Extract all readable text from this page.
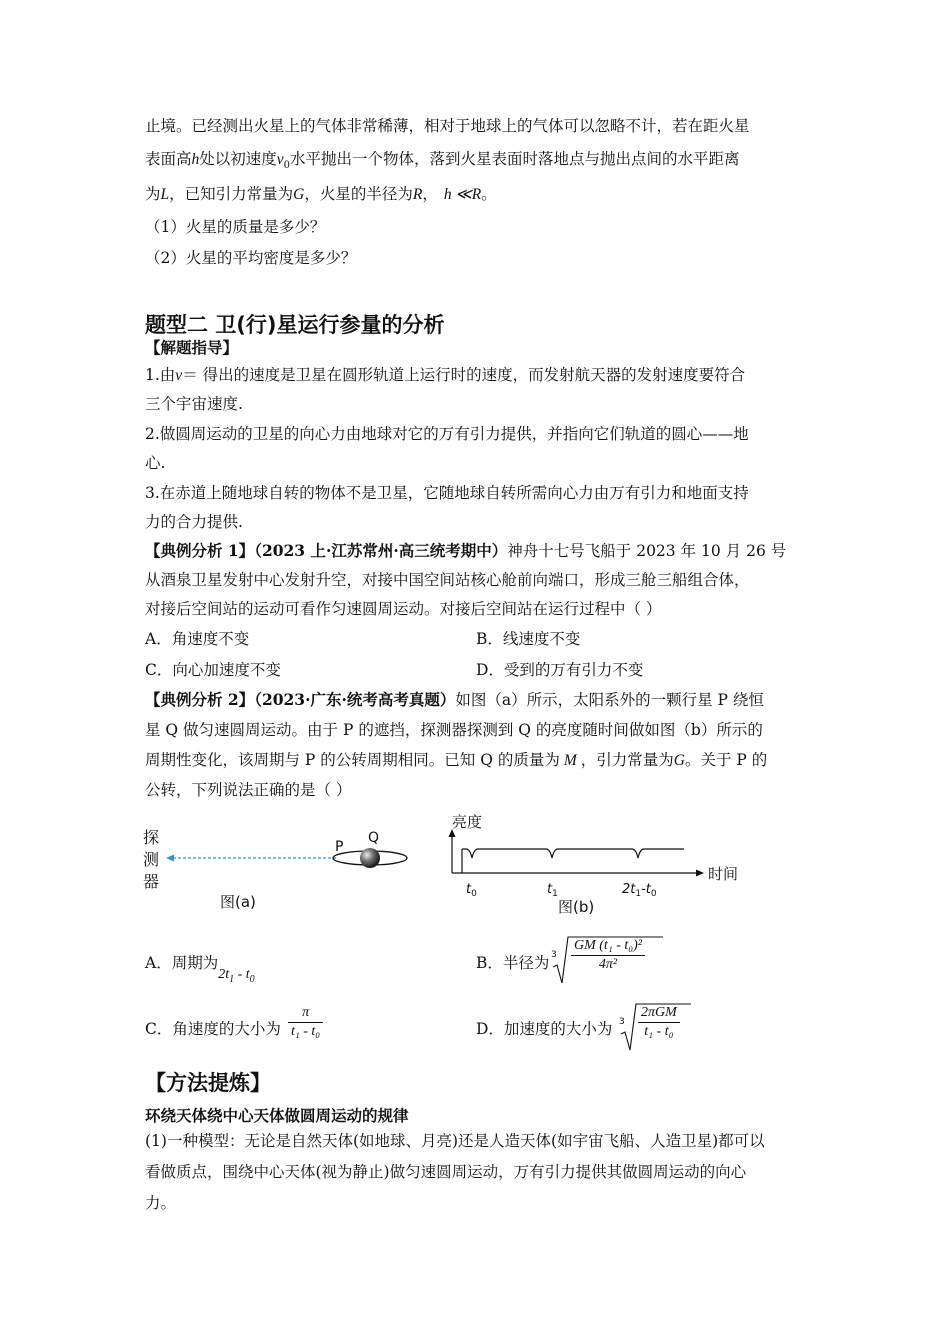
止境。已经测出火星上的气体非常稀薄，相对于地球上的气体可以忽略不计，若在距火星
表面高h处以初速度$v_0$水平抛出一个物体，落到火星表面时落地点与抛出点间的水平距离
为L，已知引力常量为G，火星的半径为R， h ≪R。
（1）火星的质量是多少？
（2）火星的平均密度是多少？
题型二 卫(行)星运行参量的分析
【解题指导】
1.由v＝ 得出的速度是卫星在圆形轨道上运行时的速度，而发射航天器的发射速度要符合
三个宇宙速度.
2.做圆周运动的卫星的向心力由地球对它的万有引力提供，并指向它们轨道的圆心——地
心.
3.在赤道上随地球自转的物体不是卫星，它随地球自转所需向心力由万有引力和地面支持
力的合力提供.
【典例分析 1】（2023 上·江苏常州·高三统考期中）神舟十七号飞船于 2023 年 10 月 26 号
从酒泉卫星发射中心发射升空，对接中国空间站核心舱前向端口，形成三舱三船组合体，
对接后空间站的运动可看作匀速圆周运动。对接后空间站在运行过程中（ ）
A．角速度不变	B．线速度不变
C．向心加速度不变	D．受到的万有引力不变
【典例分析 2】（2023·广东·统考高考真题）如图（a）所示，太阳系外的一颗行星 P 绕恒
星 Q 做匀速圆周运动。由于 P 的遮挡，探测器探测到 Q 的亮度随时间做如图（b）所示的
周期性变化，该周期与 P 的公转周期相同。已知 Q 的质量为 M ，引力常量为G。关于 P 的
公转，下列说法正确的是（ ）
探
测
器
P
Q
图(a)
亮度
时间
$t_0$	$t_1$	$2t_1-t_0$
图(b)
A．周期为$2t_1 - t_0$
B．半径为 $3 \frac{\text{GM (t₁ - t₀)²}}{\text{4π²}}$
C．角速度的大小为 $\frac{\pi}{\text{t₁ - t₀}}$	D．加速度的大小为 3
2πGM
t₁ - t₀
【方法提炼】
环绕天体绕中心天体做圆周运动的规律
(1)一种模型：无论是自然天体(如地球、月亮)还是人造天体(如宇宙飞船、人造卫星)都可以
看做质点，围绕中心天体(视为静止)做匀速圆周运动，万有引力提供其做圆周运动的向心
力。
